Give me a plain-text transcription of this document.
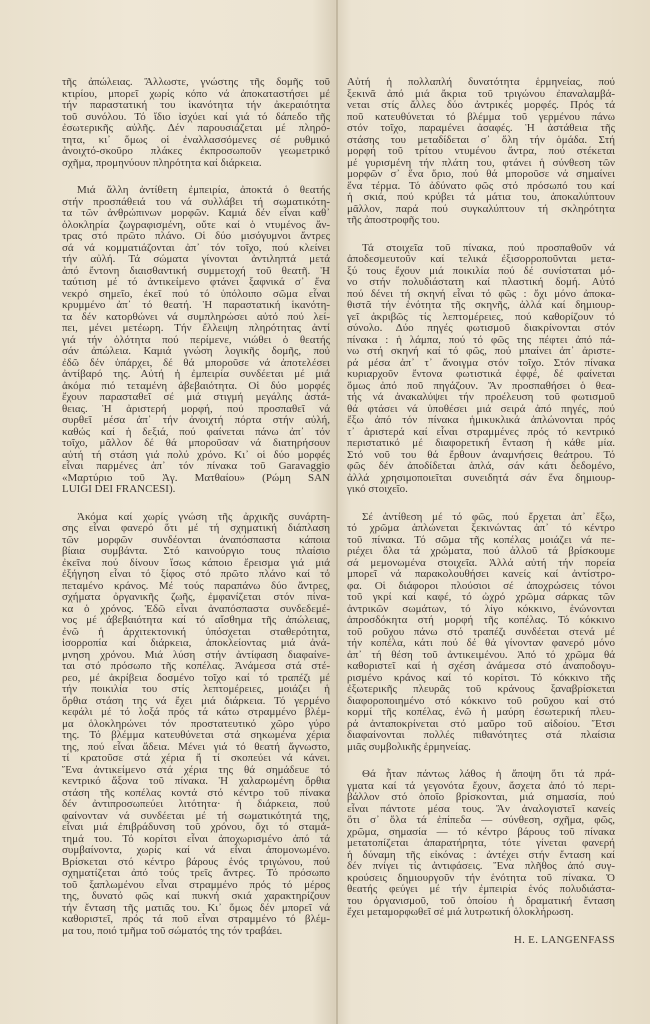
τῆς ἀπώλειας. Ἄλλωστε, γνώστης τῆς δομῆς τοῦ
κτιρίου, μπορεῖ χωρίς κόπο νά ἀποκαταστήσει μέ
τήν παραστατική του ἱκανότητα τήν ἀκεραιότητα
τοῦ συνόλου. Τό ἴδιο ἰσχύει καί γιά τό δάπεδο τῆς
ἐσωτερικῆς αὐλῆς. Δέν παρουσιάζεται μέ πληρό-
τητα, κι᾽ ὅμως οἱ ἐναλλασσόμενες σέ ρυθμικό
ἀνοιχτό-σκοῦρο πλάκες ἐκπροσωποῦν γεωμετρικό
σχῆμα, προμηνύουν πληρότητα καί διάρκεια.
Μιά ἄλλη ἀντίθετη ἐμπειρία, ἀποκτά ὁ θεατής
στήν προσπάθειά του νά συλλάβει τή σωματικότη-
τα τῶν ἀνθρώπινων μορφῶν. Καμιά δέν εἶναι καθ᾽
ὁλοκληρία ζωγραφισμένη, οὔτε καί ὁ ντυμένος ἄν-
τρας στό πρῶτο πλάνο. Οἱ δύο μισόγυμνοι ἄντρες
σά νά κομματιάζονται ἀπ᾽ τόν τοῖχο, πού κλείνει
τήν αὐλή. Τά σώματα γίνονται ἀντιληπτά μετά
ἀπό ἔντονη διαισθαντική συμμετοχή τοῦ θεατῆ. Ἡ
ταύτιση μέ τό ἀντικείμενο φτάνει ξαφνικά σ᾽ ἕνα
νεκρό σημεῖο, ἐκεῖ πού τό ὑπόλοιπο σῶμα εἶναι
κρυμμένο ἀπ᾽ τό θεατή. Ἡ παραστατική ἱκανότη-
τα δέν κατορθώνει νά συμπληρώσει αὐτό πού λεί-
πει, μένει μετέωρη. Τήν ἔλλειψη πληρότητας ἀντί
γιά τήν ὁλότητα πού περίμενε, νιώθει ὁ θεατής
σάν ἀπώλεια. Καμιά γνώση λογικῆς δομῆς, πού
ἐδῶ δέν ὑπάρχει, δέ θά μποροῦσε νά ἀποτελέσει
ἀντίβαρό της. Αὐτή ἡ ἐμπειρία συνδέεται μέ μιά
ἀκόμα πιό τεταμένη ἀβεβαιότητα. Οἱ δύο μορφές
ἔχουν παρασταθεῖ σέ μιά στιγμή μεγάλης ἀστά-
θειας. Ἡ ἀριστερή μορφή, πού προσπαθεῖ νά
συρθεῖ μέσα ἀπ᾽ τήν ἀνοιχτή πόρτα στήν αὐλή,
καθώς καί ἡ δεξιά, πού φαίνεται πάνω ἀπ᾽ τόν
τοῖχο, μᾶλλον δέ θά μποροῦσαν νά διατηρήσουν
αὐτή τή στάση γιά πολύ χρόνο. Κι᾽ οἱ δύο μορφές
εἶναι παρμένες ἀπ᾽ τόν πίνακα τοῦ Garavaggio
«Μαρτύριο τοῦ Ἁγ. Ματθαίου» (Ρώμη SAN
LUIGI DEI FRANCESI).
Ἀκόμα καί χωρίς γνώση τῆς ἀρχικῆς συνάρτη-
σης εἶναι φανερό ὅτι μέ τή σχηματική διάπλαση
τῶν μορφῶν συνδέονται ἀναπόσπαστα κάποια
βίαια συμβάντα. Στό καινούργιο τους πλαίσιο
ἐκεῖνα πού δίνουν ἴσως κάποιο ἔρεισμα γιά μιά
ἐξήγηση εἶναι τό ξίφος στό πρῶτο πλάνο καί τό
πεταμένο κράνος. Μέ τούς παραπάνω δύο ἄντρες,
σχήματα ὀργανικῆς ζωῆς, ἐμφανίζεται στόν πίνα-
κα ὁ χρόνος. Ἐδῶ εἶναι ἀναπόσπαστα συνδεδεμέ-
νος μέ ἀβεβαιότητα καί τό αἴσθημα τῆς ἀπώλειας,
ἐνῶ ἡ ἀρχιτεκτονική ὑπόσχεται σταθερότητα,
ἰσορροπία καί διάρκεια, ἀποκλείοντας μιά ἀνά-
μνηση χρόνου. Μιά λύση στήν ἀντίφαση διαφαίνε-
ται στό πρόσωπο τῆς κοπέλας. Ἀνάμεσα στά στέ-
ρεο, μέ ἀκρίβεια δοσμένο τοῖχο καί τό τραπέζι μέ
τήν ποικιλία του στίς λεπτομέρειες, μοιάζει ἡ
ὄρθια στάση της νά ἔχει μιά διάρκεια. Τό γερμένο
κεφάλι μέ τό λοξά πρός τά κάτω στραμμένο βλέμ-
μα ὁλοκληρώνει τόν προστατευτικό χῶρο γύρο
της. Τό βλέμμα κατευθύνεται στά σηκωμένα χέρια
της, πού εἶναι ἄδεια. Μένει γιά τό θεατή ἄγνωστο,
τί κρατοῦσε στά χέρια ἤ τί σκοπεύει νά κάνει.
Ἕνα ἀντικείμενο στά χέρια της θά σημάδευε τό
κεντρικό ἄξονα τοῦ πίνακα. Ἡ χαλαρωμένη ὄρθια
στάση τῆς κοπέλας κοντά στό κέντρο τοῦ πίνακα
δέν ἀντιπροσωπεύει λιτότητα· ἡ διάρκεια, πού
φαίνονταν νά συνδέεται μέ τή σωματικότητά της,
εἶναι μιά ἐπιβράδυνση τοῦ χρόνου, ὄχι τό σταμά-
τημά του. Τό κορίτσι εἶναι ἀποχωρισμένο ἀπό τά
συμβαίνοντα, χωρίς καί νά εἶναι ἀπομονωμένο.
Βρίσκεται στό κέντρο βάρους ἑνός τριγώνου, πού
σχηματίζεται ἀπό τούς τρεῖς ἄντρες. Τό πρόσωπο
τοῦ ξαπλωμένου εἶναι στραμμένο πρός τό μέρος
της, δυνατό φῶς καί πυκνή σκιά χαρακτηρίζουν
τήν ἔνταση τῆς ματιᾶς του. Κι᾽ ὅμως δέν μπορεῖ νά
καθοριστεῖ, πρός τά ποῦ εἶναι στραμμένο τό βλέμ-
μα του, ποιό τμῆμα τοῦ σώματός της τόν τραβάει.
Αὐτή ἡ πολλαπλή δυνατότητα ἑρμηνείας, πού
ξεκινᾶ ἀπό μιά ἄκρια τοῦ τριγώνου ἐπαναλαμβά-
νεται στίς ἄλλες δύο ἀντρικές μορφές. Πρός τά
ποῦ κατευθύνεται τό βλέμμα τοῦ γερμένου πάνω
στόν τοῖχο, παραμένει ἀσαφές. Ἡ ἀστάθεια τῆς
στάσης του μεταδίδεται σ᾽ ὅλη τήν ὁμάδα. Στή
μορφή τοῦ τρίτου ντυμένου ἄντρα, πού στέκεται
μέ γυρισμένη τήν πλάτη του, φτάνει ἡ σύνθεση τῶν
μορφῶν σ᾽ ἕνα ὅριο, πού θά μποροῦσε νά σημαίνει
ἕνα τέρμα. Τό ἀδύνατο φῶς στό πρόσωπό του καί
ἡ σκιά, πού κρύβει τά μάτια του, ἀποκαλύπτουν
μᾶλλον, παρά πού συγκαλύπτουν τή σκληρότητα
τῆς ἀποστροφῆς του.
Τά στοιχεῖα τοῦ πίνακα, πού προσπαθοῦν νά
ἀποδεσμευτοῦν καί τελικά ἐξισορροποῦνται μετα-
ξύ τους ἔχουν μιά ποικιλία πού δέ συνίσταται μό-
νο στήν πολυδιάστατη καί πλαστική δομή. Αὐτό
πού δένει τή σκηνή εἶναι τό φῶς : ὄχι μόνο ἀποκα-
θιστᾶ τήν ἑνότητα τῆς σκηνῆς, ἀλλά καί δημιουρ-
γεῖ ἀκριβῶς τίς λεπτομέρειες, πού καθορίζουν τό
σύνολο. Δύο πηγές φωτισμοῦ διακρίνονται στόν
πίνακα : ἡ λάμπα, πού τό φῶς της πέφτει ἀπό πά-
νω στή σκηνή καί τό φῶς, πού μπαίνει ἀπ᾽ ἀριστε-
ρά μέσα ἀπ᾽ τ᾽ ἄνοιγμα στόν τοῖχο. Στόν πίνακα
κυριαρχοῦν ἔντονα φωτιστικά ἐφφέ, δέ φαίνεται
ὅμως ἀπό ποῦ πηγάζουν. Ἄν προσπαθήσει ὁ θεα-
τής νά ἀνακαλύψει τήν προέλευση τοῦ φωτισμοῦ
θά φτάσει νά ὑποθέσει μιά σειρά ἀπό πηγές, πού
ἔξω ἀπό τόν πίνακα ἡμικυκλικά ἁπλώνονται πρός
τ᾽ ἀριστερά καί εἶναι στραμμένες πρός τό κεντρικό
περιστατικό μέ διαφορετική ἔνταση ἡ κάθε μία.
Στό νοῦ του θά ἔρθουν ἀναμνήσεις θεάτρου. Τό
φῶς δέν ἀποδίδεται ἁπλά, σάν κάτι δεδομένο,
ἀλλά χρησιμοποιεῖται συνειδητά σάν ἕνα δημιουρ-
γικό στοιχεῖο.
Σέ ἀντίθεση μέ τό φῶς, πού ἔρχεται ἀπ᾽ ἔξω,
τό χρῶμα ἁπλώνεται ξεκινώντας ἀπ᾽ τό κέντρο
τοῦ πίνακα. Τό σῶμα τῆς κοπέλας μοιάζει νά πε-
ριέχει ὅλα τά χρώματα, πού ἀλλοῦ τά βρίσκουμε
σά μεμονωμένα στοιχεῖα. Ἀλλά αὐτή τήν πορεία
μπορεῖ νά παρακολουθήσει κανείς καί ἀντίστρο-
φα. Οἱ διάφοροι πλούσιοι σέ ἀποχρώσεις τόνοι
τοῦ γκρί καί καφέ, τό ὠχρό χρῶμα σάρκας τῶν
ἀντρικῶν σωμάτων, τό λίγο κόκκινο, ἑνώνονται
ἀπροσδόκητα στή μορφή τῆς κοπέλας. Τό κόκκινο
τοῦ ροῦχου πάνω στό τραπέζι συνδέεται στενά μέ
τήν κοπέλα, κάτι πού δέ θά γίνονταν φανερό μόνο
ἀπ᾽ τή θέση τοῦ ἀντικειμένου. Ἀπό τό χρῶμα θά
καθοριστεῖ καί ἡ σχέση ἀνάμεσα στό ἀναποδογυ-
ρισμένο κράνος καί τό κορίτσι. Τό κόκκινο τῆς
ἐξωτερικῆς πλευρᾶς τοῦ κράνους ξαναβρίσκεται
διαφοροποιημένο στό κόκκινο τοῦ ροῦχου καί στό
κορμί τῆς κοπέλας, ἐνῶ ἡ μαύρη ἐσωτερική πλευ-
ρά ἀνταποκρίνεται στό μαῦρο τοῦ αἰδοίου. Ἔτσι
διαφαίνονται πολλές πιθανότητες στά πλαίσια
μιᾶς συμβολικῆς ἑρμηνείας.
Θά ἦταν πάντως λάθος ἡ ἄποψη ὅτι τά πρά-
γματα καί τά γεγονότα ἔχουν, ἄσχετα ἀπό τό περι-
βάλλον στό ὁποῖο βρίσκονται, μιά σημασία, πού
εἶναι πάντοτε μέσα τους. Ἄν ἀναλογιστεῖ κανείς
ὅτι σ᾽ ὅλα τά ἐπίπεδα — σύνθεση, σχῆμα, φῶς,
χρῶμα, σημασία — τό κέντρο βάρους τοῦ πίνακα
μετατοπίζεται ἀπαρατήρητα, τότε γίνεται φανερή
ἡ δύναμη τῆς εἰκόνας : ἀντέχει στήν ἔνταση καί
δέν πνίγει τίς ἀντιφάσεις. Ἕνα πλῆθος ἀπό συγ-
κρούσεις δημιουργοῦν τήν ἑνότητα τοῦ πίνακα. Ὁ
θεατής φεύγει μέ τήν ἐμπειρία ἑνός πολυδιάστα-
του ὀργανισμοῦ, τοῦ ὁποίου ἡ δραματική ἔνταση
ἔχει μεταμορφωθεῖ σέ μιά λυτρωτική ὁλοκλήρωση.
H. E. LANGENFASS
